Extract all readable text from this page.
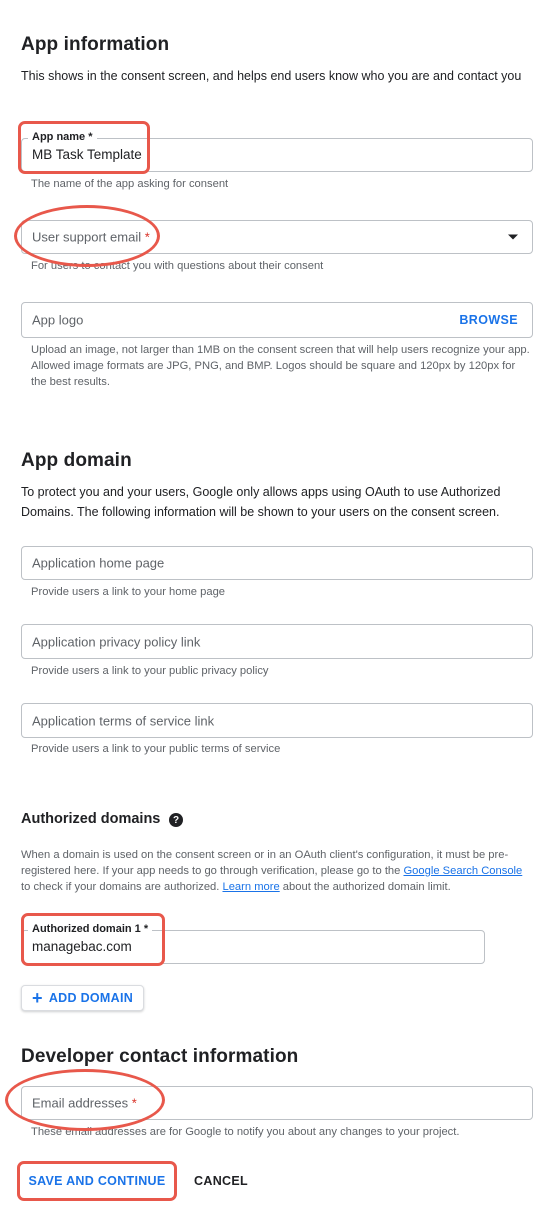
App information

This shows in the consent screen, and helps end users know who you are and contact you

App name *
MB Task Template

The name of the app asking for consent

User support email *

For users to contact you with questions about their consent

App logo	BROWSE

Upload an image, not larger than 1MB on the consent screen that will help users recognize your app. Allowed image formats are JPG, PNG, and BMP. Logos should be square and 120px by 120px for the best results.

App domain

To protect you and your users, Google only allows apps using OAuth to use Authorized Domains. The following information will be shown to your users on the consent screen.

Application home page

Provide users a link to your home page

Application privacy policy link

Provide users a link to your public privacy policy

Application terms of service link

Provide users a link to your public terms of service

Authorized domains	?

When a domain is used on the consent screen or in an OAuth client's configuration, it must be pre-registered here. If your app needs to go through verification, please go to the Google Search Console to check if your domains are authorized. Learn more about the authorized domain limit.

Authorized domain 1 *
managebac.com
+ ADD DOMAIN
Developer contact information
Email addresses *

These email addresses are for Google to notify you about any changes to your project.

SAVE AND CONTINUE	CANCEL
